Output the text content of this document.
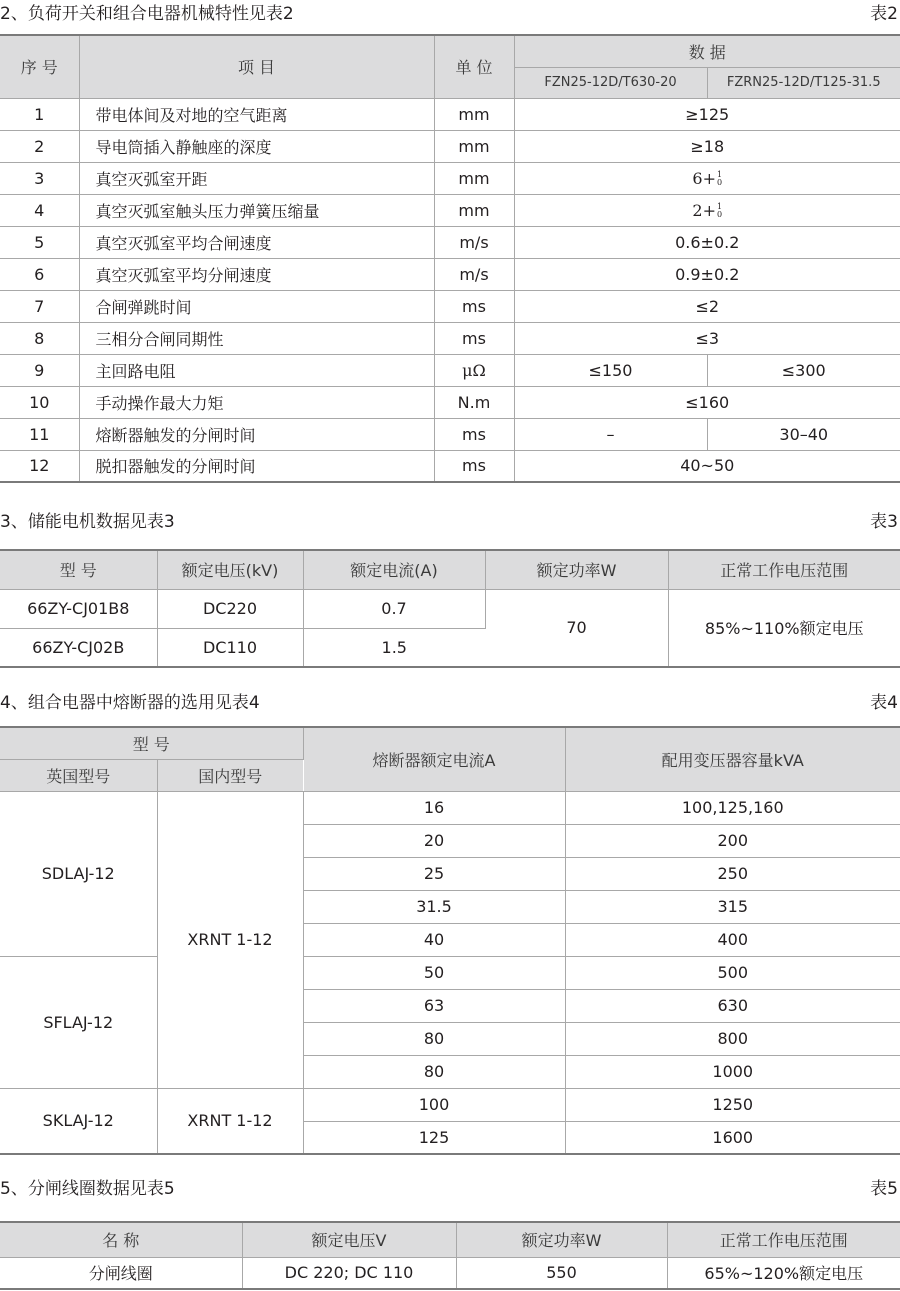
2、负荷开关和组合电器机械特性见表2	表2
序 号	项 目	单 位	数 据	
			FZN25-12D/T630-20	FZRN25-12D/T125-31.5
1	带电体间及对地的空气距离	mm	≥125	
2	导电筒插入静触座的深度	mm	≥18	
3	真空灭弧室开距	mm	6+ 1
0	

4	真空灭弧室触头压力弹簧压缩量	mm	2+ 1
0	

5	真空灭弧室平均合闸速度	m/s	0.6±0.2	
6	真空灭弧室平均分闸速度	m/s	0.9±0.2	
7	合闸弹跳时间	ms	≤2	
8	三相分合闸同期性	ms	≤3	
9	主回路电阻	μΩ	≤150	≤300
10	手动操作最大力矩	N.m	≤160	
11	熔断器触发的分闸时间	ms	–	30–40
12	脱扣器触发的分闸时间	ms	40~50	
3、储能电机数据见表3	表3
型 号	额定电压(kV)	额定电流(A)	额定功率W	正常工作电压范围
66ZY-CJ01B8	DC220	0.7	70	85%~110%额定电压
66ZY-CJ02B	DC110	1.5		
4、组合电器中熔断器的选用见表4	表4
型 号		熔断器额定电流A	配用变压器容量kVA
英国型号	国内型号		
SDLAJ-12	XRNT 1-12	16	100,125,160
		20	200
		25	250
		31.5	315
		40	400
SFLAJ-12		50	500
		63	630
		80	800
		80	1000
SKLAJ-12	XRNT 1-12	100	1250
		125	1600
5、分闸线圈数据见表5	表5
名 称	额定电压V	额定功率W	正常工作电压范围
分闸线圈	DC 220; DC 110	550	65%~120%额定电压
